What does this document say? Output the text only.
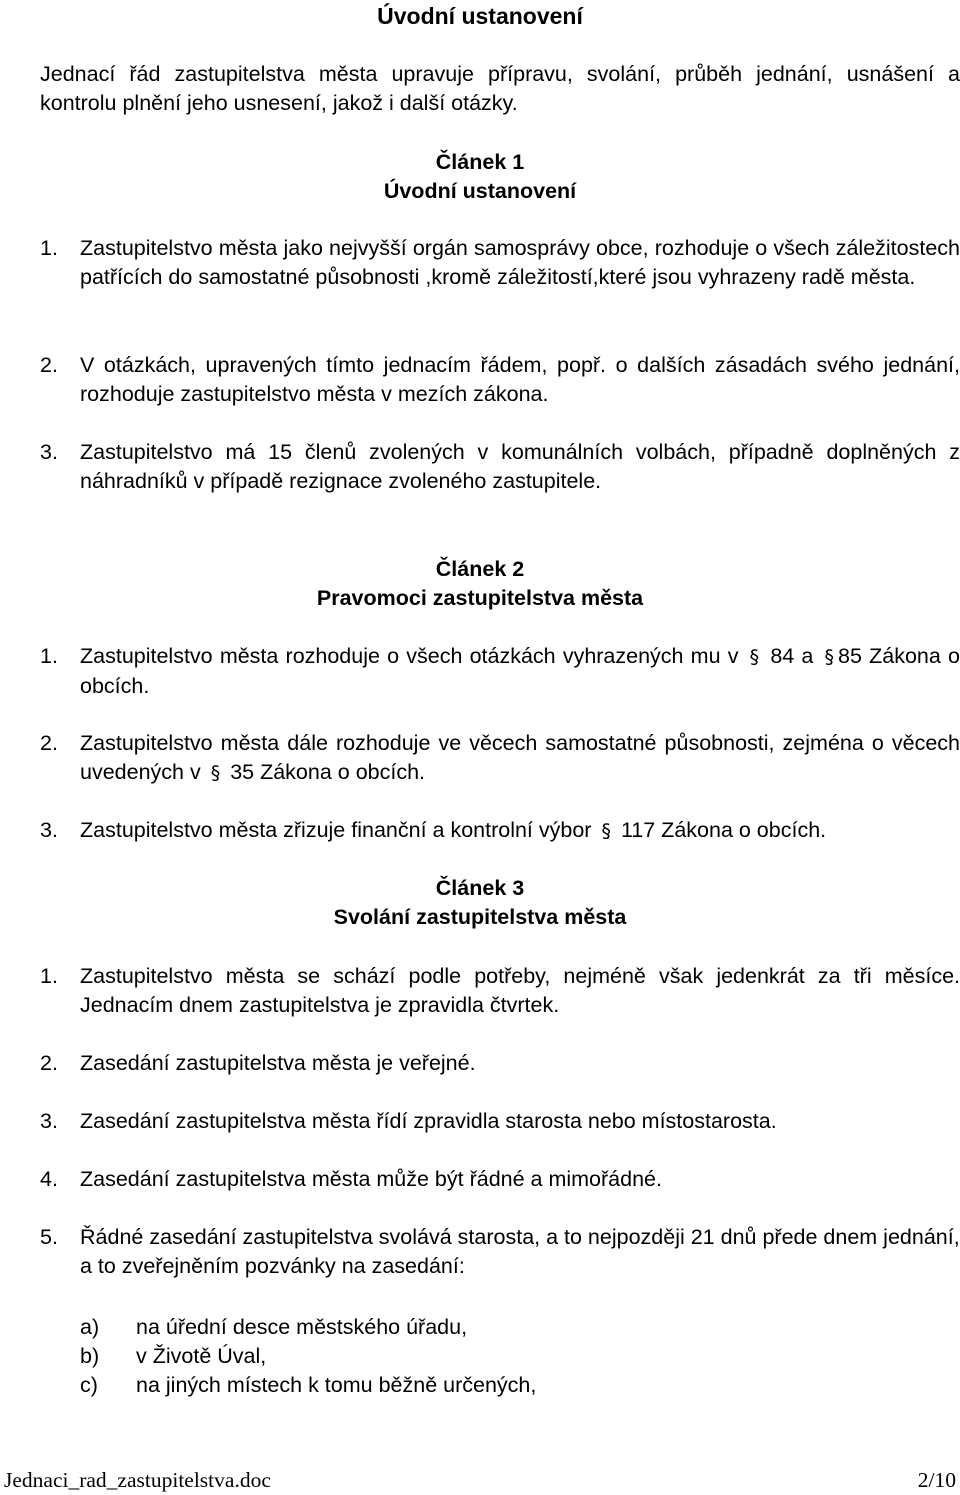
Úvodní ustanovení

Jednací řád zastupitelstva města upravuje přípravu, svolání, průběh jednání, usnášení a kontrolu plnění jeho usnesení, jakož i další otázky.

Článek 1
Úvodní ustanovení
1.	Zastupitelstvo města jako nejvyšší orgán samosprávy obce, rozhoduje o všech záležitostech patřících do samostatné působnosti ,kromě záležitostí,které jsou vyhrazeny radě města.
2.	V otázkách, upravených tímto jednacím řádem, popř. o dalších zásadách svého jednání, rozhoduje zastupitelstvo města v mezích zákona.
3.	Zastupitelstvo má 15 členů zvolených v komunálních volbách, případně doplněných z náhradníků v případě rezignace zvoleného zastupitele.
Článek 2
Pravomoci zastupitelstva města
1.	Zastupitelstvo města rozhoduje o všech otázkách vyhrazených mu v § 84 a § 85 Zákona o obcích.
2.	Zastupitelstvo města dále rozhoduje ve věcech samostatné působnosti, zejména o věcech uvedených v § 35 Zákona o obcích.
3.	Zastupitelstvo města zřizuje finanční a kontrolní výbor § 117 Zákona o obcích.
Článek 3
Svolání zastupitelstva města
1.	Zastupitelstvo města se schází podle potřeby, nejméně však jedenkrát za tři měsíce. Jednacím dnem zastupitelstva je zpravidla čtvrtek.
2.	Zasedání zastupitelstva města je veřejné.
3.	Zasedání zastupitelstva města řídí zpravidla starosta nebo místostarosta.
4.	Zasedání zastupitelstva města může být řádné a mimořádné.
5.	Řádné zasedání zastupitelstva svolává starosta, a to nejpozději 21 dnů přede dnem jednání, a to zveřejněním pozvánky na zasedání:
a) na úřední desce městského úřadu,
b) v Životě Úval,
c) na jiných místech k tomu běžně určených,
Jednaci_rad_zastupitelstva.doc	2/10
